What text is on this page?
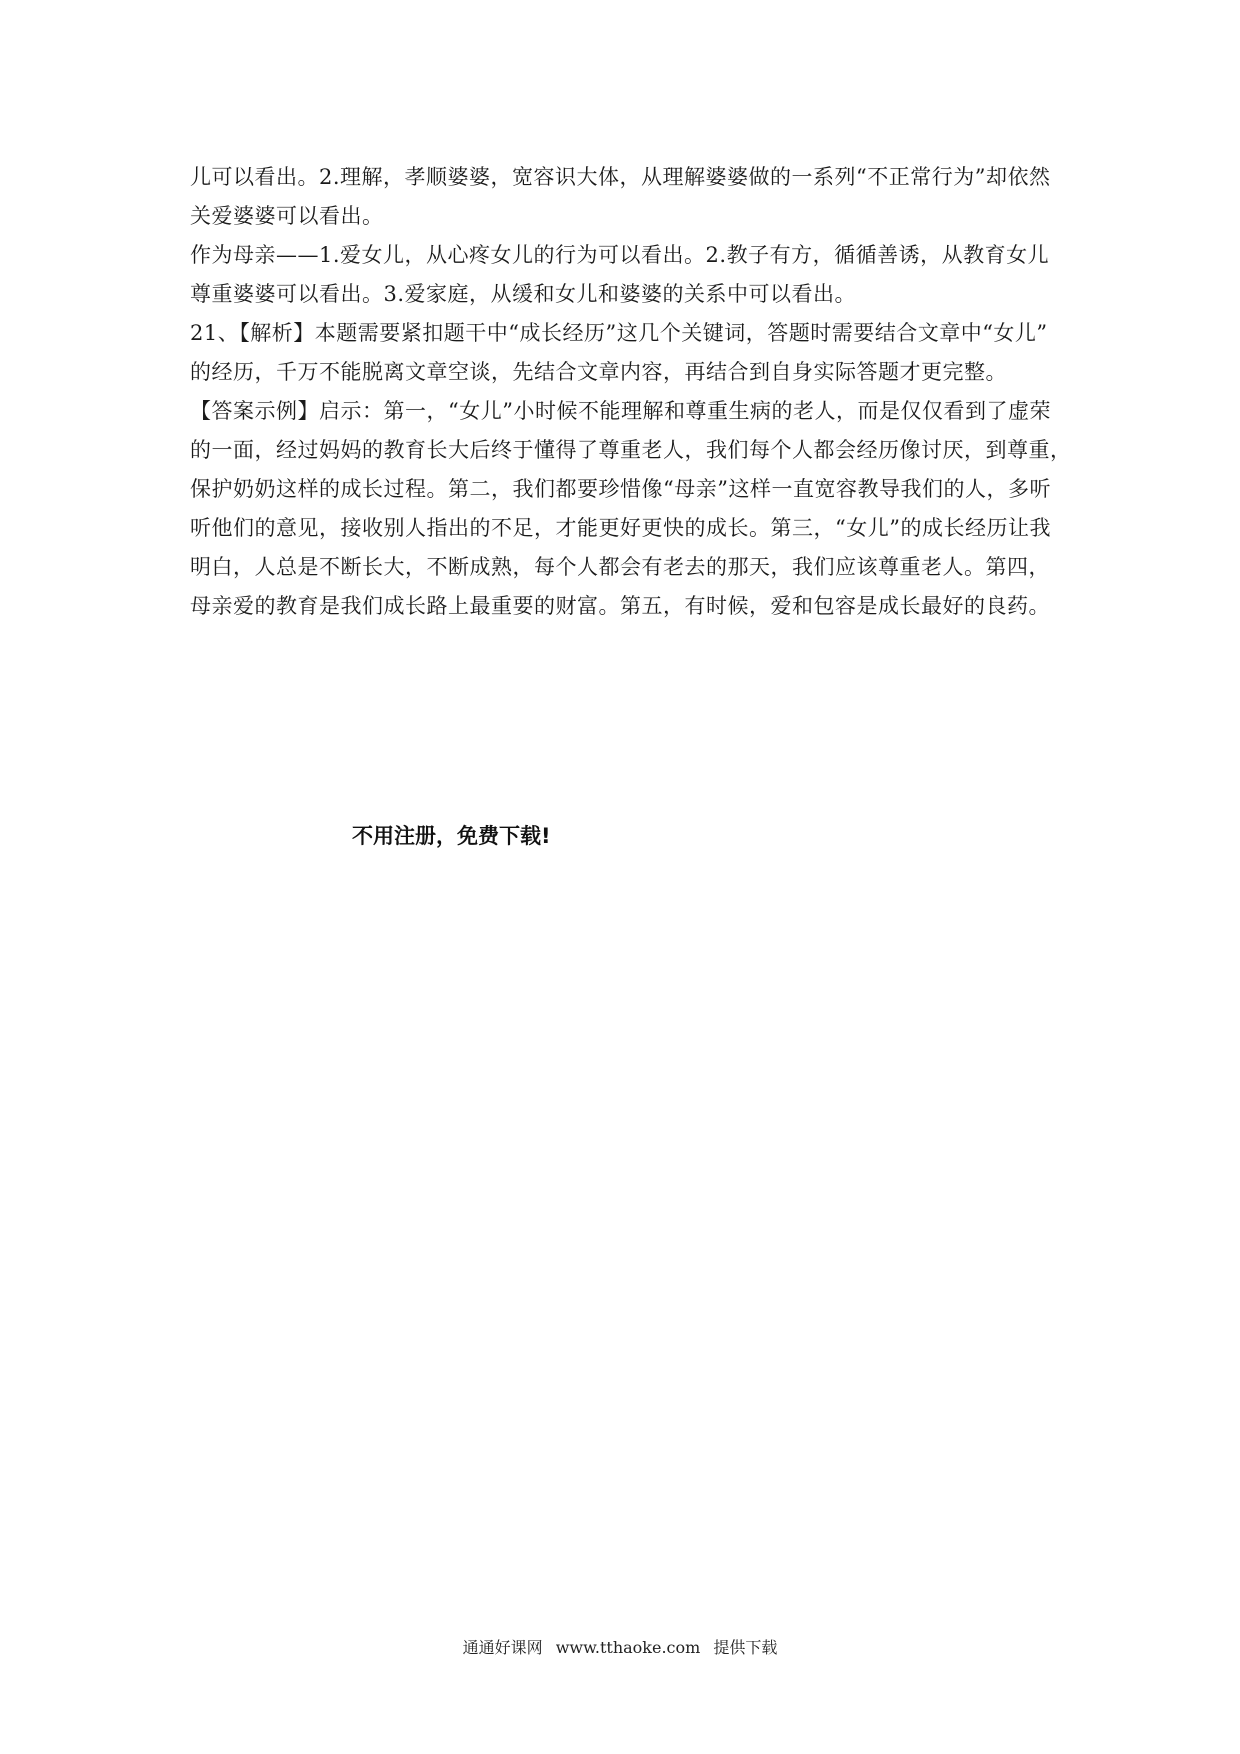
儿可以看出。2.理解，孝顺婆婆，宽容识大体，从理解婆婆做的一系列“不正常行为”却依然
关爱婆婆可以看出。
作为母亲——1.爱女儿，从心疼女儿的行为可以看出。2.教子有方，循循善诱，从教育女儿
尊重婆婆可以看出。3.爱家庭，从缓和女儿和婆婆的关系中可以看出。
21、【解析】本题需要紧扣题干中“成长经历”这几个关键词，答题时需要结合文章中“女儿”
的经历，千万不能脱离文章空谈，先结合文章内容，再结合到自身实际答题才更完整。
【答案示例】启示：第一，“女儿”小时候不能理解和尊重生病的老人，而是仅仅看到了虚荣
的一面，经过妈妈的教育长大后终于懂得了尊重老人，我们每个人都会经历像讨厌，到尊重，
保护奶奶这样的成长过程。第二，我们都要珍惜像“母亲”这样一直宽容教导我们的人，多听
听他们的意见，接收别人指出的不足，才能更好更快的成长。第三，“女儿”的成长经历让我
明白，人总是不断长大，不断成熟，每个人都会有老去的那天，我们应该尊重老人。第四，
母亲爱的教育是我们成长路上最重要的财富。第五，有时候，爱和包容是成长最好的良药。
不用注册，免费下载!
通通好课网 www.tthaoke.com 提供下载
